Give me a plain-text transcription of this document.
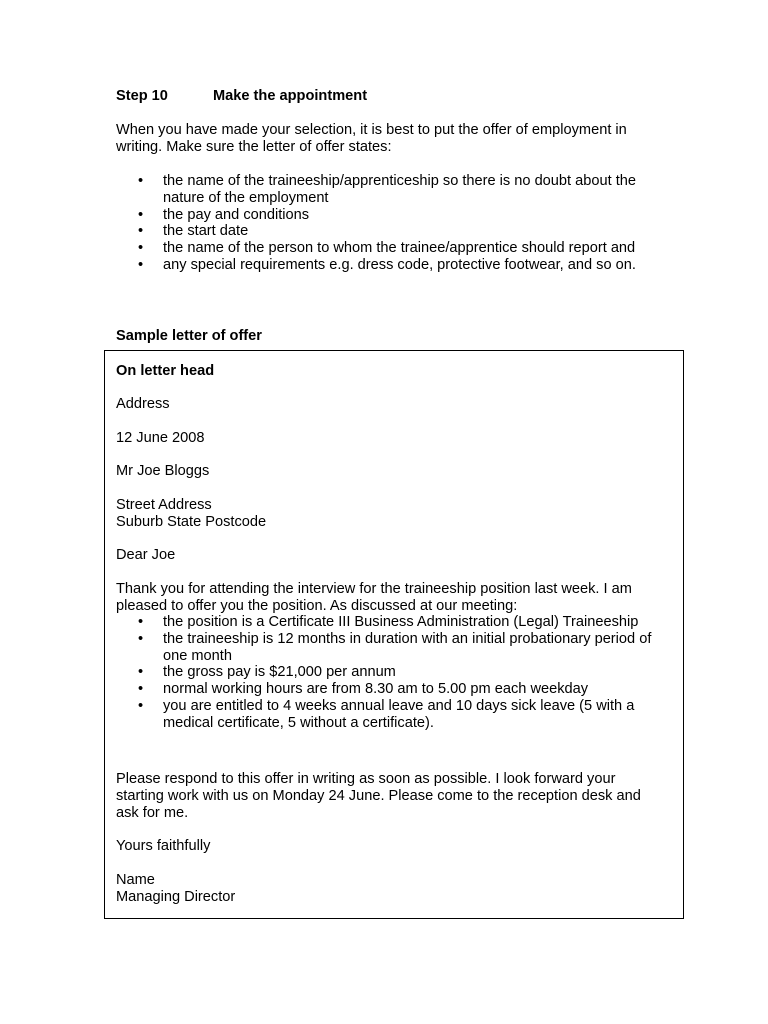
Step 10	Make the appointment

When you have made your selection, it is best to put the offer of employment in writing. Make sure the letter of offer states:

• the name of the traineeship/apprenticeship so there is no doubt about the nature of the employment
• the pay and conditions
• the start date
• the name of the person to whom the trainee/apprentice should report and
• any special requirements e.g. dress code, protective footwear, and so on.
Sample letter of offer

On letter head

Address

12 June 2008

Mr Joe Bloggs

Street Address
Suburb State Postcode

Dear Joe

Thank you for attending the interview for the traineeship position last week. I am pleased to offer you the position. As discussed at our meeting:

• the position is a Certificate III Business Administration (Legal) Traineeship
• the traineeship is 12 months in duration with an initial probationary period of one month
• the gross pay is $21,000 per annum
• normal working hours are from 8.30 am to 5.00 pm each weekday
• you are entitled to 4 weeks annual leave and 10 days sick leave (5 with a medical certificate, 5 without a certificate).

Please respond to this offer in writing as soon as possible. I look forward your starting work with us on Monday 24 June. Please come to the reception desk and ask for me.

Yours faithfully

Name
Managing Director
